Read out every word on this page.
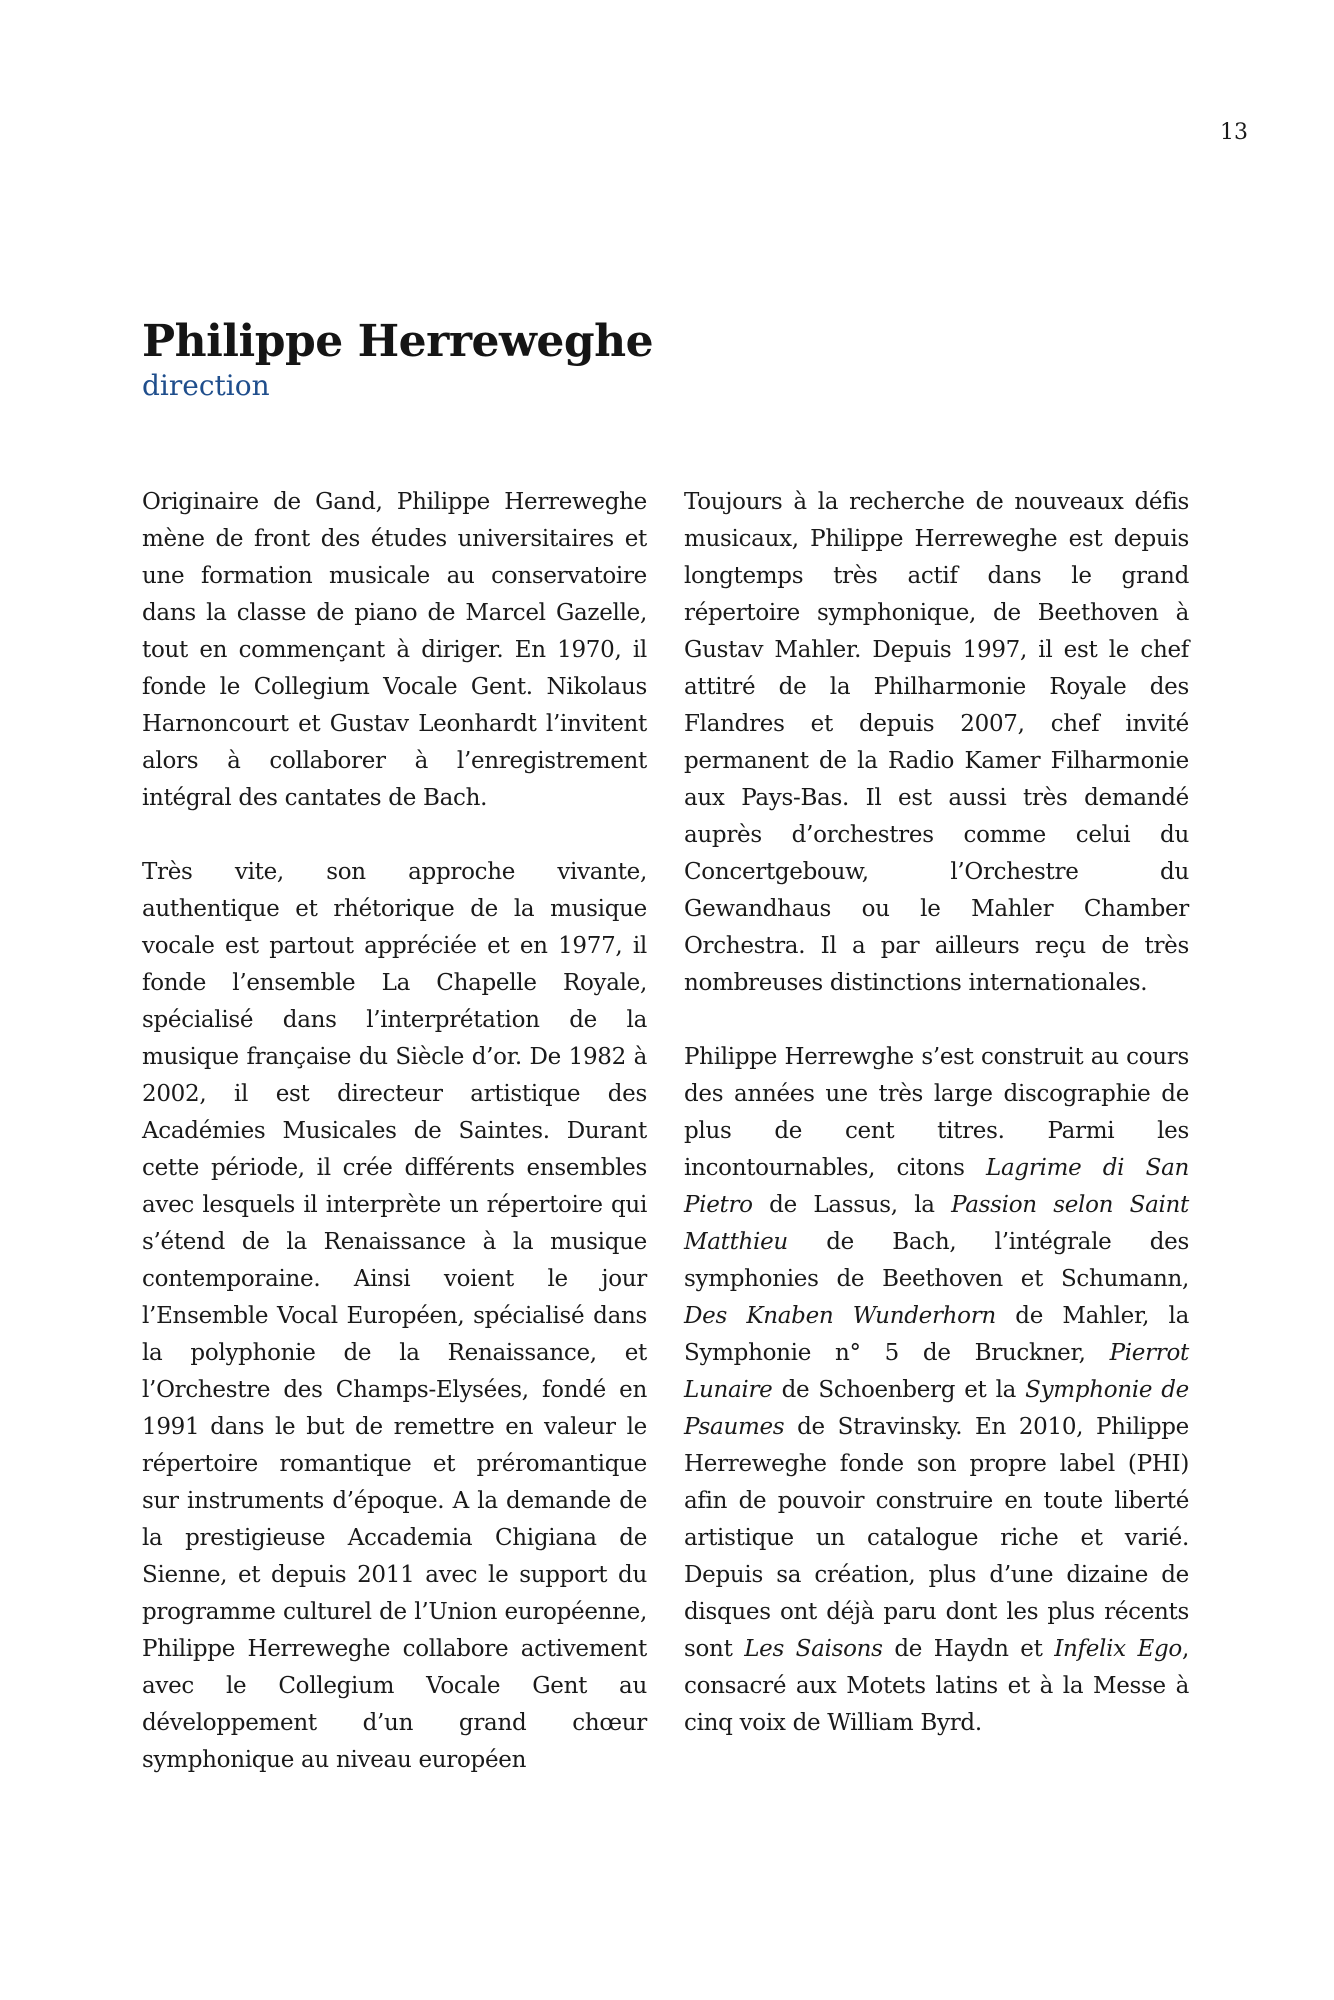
13
Philippe Herreweghe
direction

Originaire de Gand, Philippe Herreweghe mène de front des études universitaires et une formation musicale au conservatoire dans la classe de piano de Marcel Gazelle, tout en commençant à diriger. En 1970, il fonde le Collegium Vocale Gent. Nikolaus Harnoncourt et Gustav Leonhardt l’invitent alors à collaborer à l’enregistrement intégral des cantates de Bach.

Très vite, son approche vivante, authentique et rhétorique de la musique vocale est partout appréciée et en 1977, il fonde l’ensemble La Chapelle Royale, spécialisé dans l’interprétation de la musique française du Siècle d’or. De 1982 à 2002, il est directeur artistique des Académies Musicales de Saintes. Durant cette période, il crée différents ensembles avec lesquels il interprète un répertoire qui s’étend de la Renaissance à la musique contemporaine. Ainsi voient le jour l’Ensemble Vocal Européen, spécialisé dans la polyphonie de la Renaissance, et l’Orchestre des Champs-Elysées, fondé en 1991 dans le but de remettre en valeur le répertoire romantique et préromantique sur instruments d’époque. A la demande de la prestigieuse Accademia Chigiana de Sienne, et depuis 2011 avec le support du programme culturel de l’Union européenne, Philippe Herreweghe collabore activement avec le Collegium Vocale Gent au développement d’un grand chœur symphonique au niveau européen

Toujours à la recherche de nouveaux défis musicaux, Philippe Herreweghe est depuis longtemps très actif dans le grand répertoire symphonique, de Beethoven à Gustav Mahler. Depuis 1997, il est le chef attitré de la Philharmonie Royale des Flandres et depuis 2007, chef invité permanent de la Radio Kamer Filharmonie aux Pays-Bas. Il est aussi très demandé auprès d’orchestres comme celui du Concertgebouw, l’Orchestre du Gewandhaus ou le Mahler Chamber Orchestra. Il a par ailleurs reçu de très nombreuses distinctions internationales.

Philippe Herrewghe s’est construit au cours des années une très large discographie de plus de cent titres. Parmi les incontournables, citons Lagrime di San Pietro de Lassus, la Passion selon Saint Matthieu de Bach, l’intégrale des symphonies de Beethoven et Schumann, Des Knaben Wunderhorn de Mahler, la Symphonie n° 5 de Bruckner, Pierrot Lunaire de Schoenberg et la Symphonie de Psaumes de Stravinsky. En 2010, Philippe Herreweghe fonde son propre label (PHI) afin de pouvoir construire en toute liberté artistique un catalogue riche et varié. Depuis sa création, plus d’une dizaine de disques ont déjà paru dont les plus récents sont Les Saisons de Haydn et Infelix Ego, consacré aux Motets latins et à la Messe à cinq voix de William Byrd.
